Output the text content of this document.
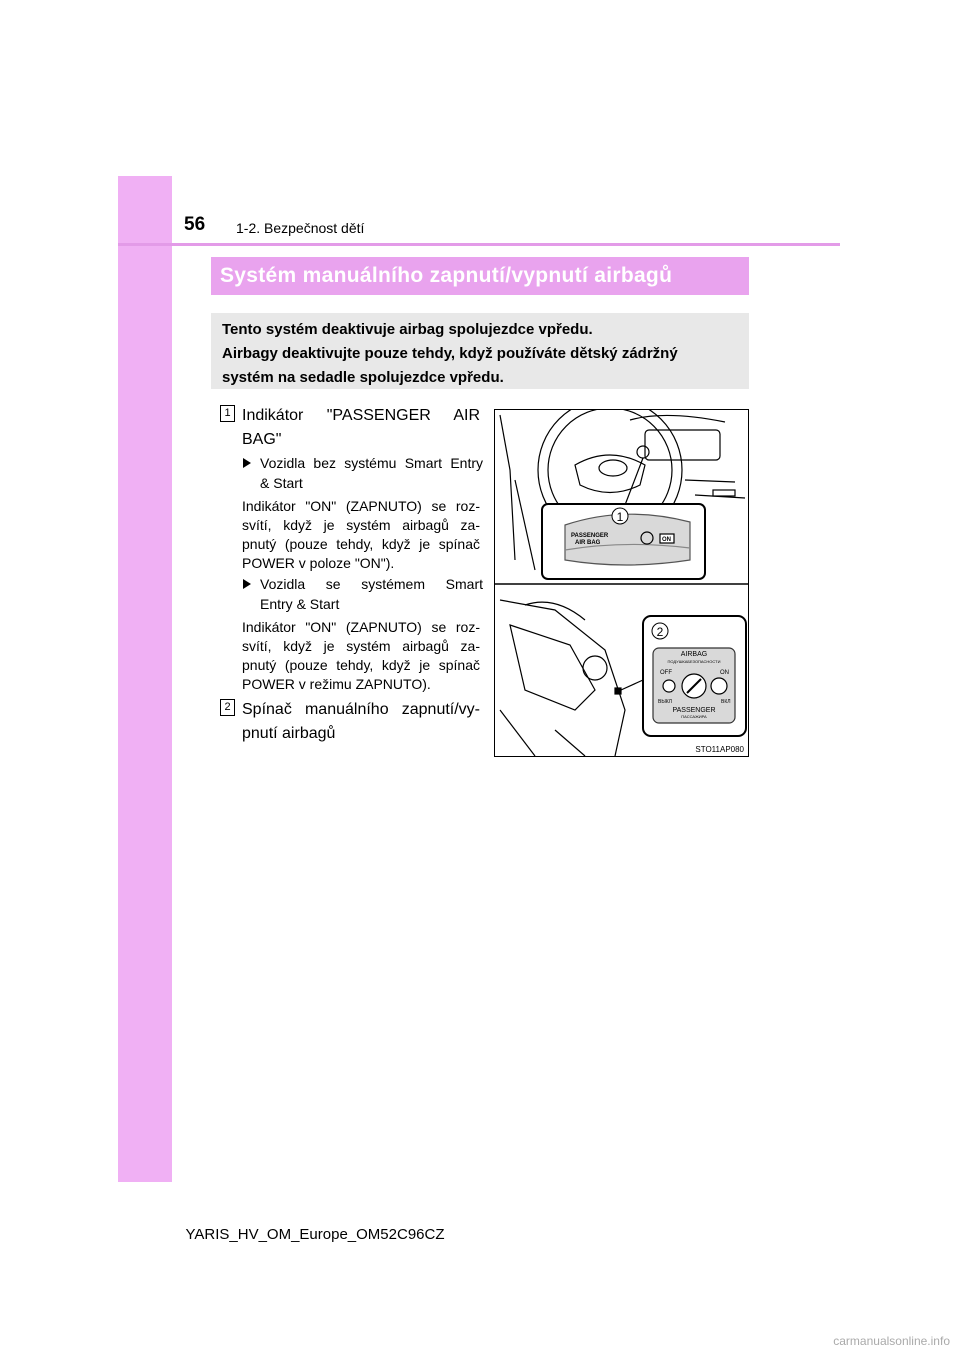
56 1-2. Bezpečnost dětí
Systém manuálního zapnutí/vypnutí airbagů

Tento systém deaktivuje airbag spolujezdce vpředu.

Airbagy deaktivujte pouze tehdy, když používáte dětský zádržný

systém na sedadle spolujezdce vpředu.

1 Indikátor "PASSENGER AIR
BAG"
Vozidla bez systému Smart Entry
& Start
Indikátor "ON" (ZAPNUTO) se roz-
svítí, když je systém airbagů za-
pnutý (pouze tehdy, když je spínač
POWER v poloze "ON").
Vozidla se systémem Smart
Entry & Start
Indikátor "ON" (ZAPNUTO) se roz-
svítí, když je systém airbagů za-
pnutý (pouze tehdy, když je spínač
POWER v režimu ZAPNUTO).
2 Spínač manuálního zapnutí/vy-
pnutí airbagů
1
2
PASSENGER
AIR BAG	ON
AIRBAG
ПОДУШКАБЕЗОПАСНОСТИ
OFF	ON
ВЫКЛ	ВКЛ
PASSENGER
ПАССАЖИРА
STO11AP080
YARIS_HV_OM_Europe_OM52C96CZ
carmanualsonline.info
